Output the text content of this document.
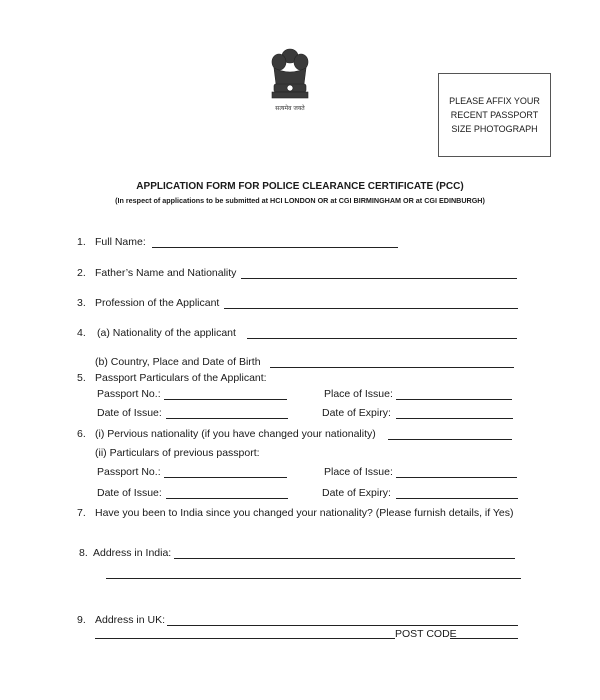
सत्यमेव जयते
PLEASE AFFIX YOUR
RECENT PASSPORT
SIZE PHOTOGRAPH
APPLICATION FORM FOR POLICE CLEARANCE CERTIFICATE (PCC)
(In respect of applications to be submitted at HCI LONDON OR at CGI BIRMINGHAM OR at CGI EDINBURGH)
1. Full Name:
2. Father’s Name and Nationality
3. Profession of the Applicant
4. (a) Nationality of the applicant
(b) Country, Place and Date of Birth
5. Passport Particulars of the Applicant:
Passport No.:	Place of Issue:
Date of Issue:	Date of Expiry:
6. (i) Pervious nationality (if you have changed your nationality)
(ii) Particulars of previous passport:
Passport No.:	Place of Issue:
Date of Issue:	Date of Expiry:
7. Have you been to India since you changed your nationality? (Please furnish details, if Yes)
8. Address in India:
9. Address in UK:
POST CODE
